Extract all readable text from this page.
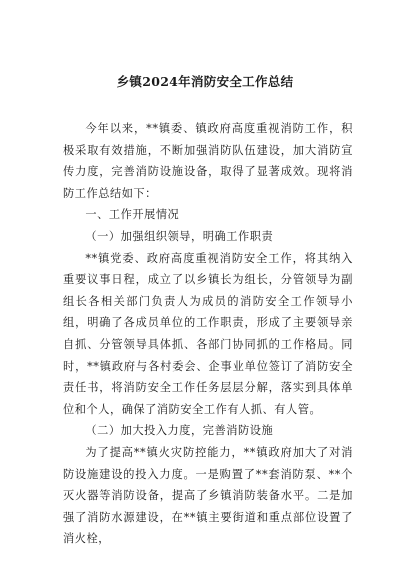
乡镇2024年消防安全工作总结

今年以来，**镇委、镇政府高度重视消防工作，积极采取有效措施，不断加强消防队伍建设，加大消防宣传力度，完善消防设施设备，取得了显著成效。现将消防工作总结如下：

一、工作开展情况

（一）加强组织领导，明确工作职责

**镇党委、政府高度重视消防安全工作，将其纳入重要议事日程，成立了以乡镇长为组长，分管领导为副组长各相关部门负责人为成员的消防安全工作领导小组，明确了各成员单位的工作职责，形成了主要领导亲自抓、分管领导具体抓、各部门协同抓的工作格局。同时，**镇政府与各村委会、企事业单位签订了消防安全责任书，将消防安全工作任务层层分解，落实到具体单位和个人，确保了消防安全工作有人抓、有人管。

（二）加大投入力度，完善消防设施

为了提高**镇火灾防控能力，**镇政府加大了对消防设施建设的投入力度。一是购置了**套消防泵、**个灭火器等消防设备，提高了乡镇消防装备水平。二是加强了消防水源建设，在**镇主要街道和重点部位设置了消火栓，
